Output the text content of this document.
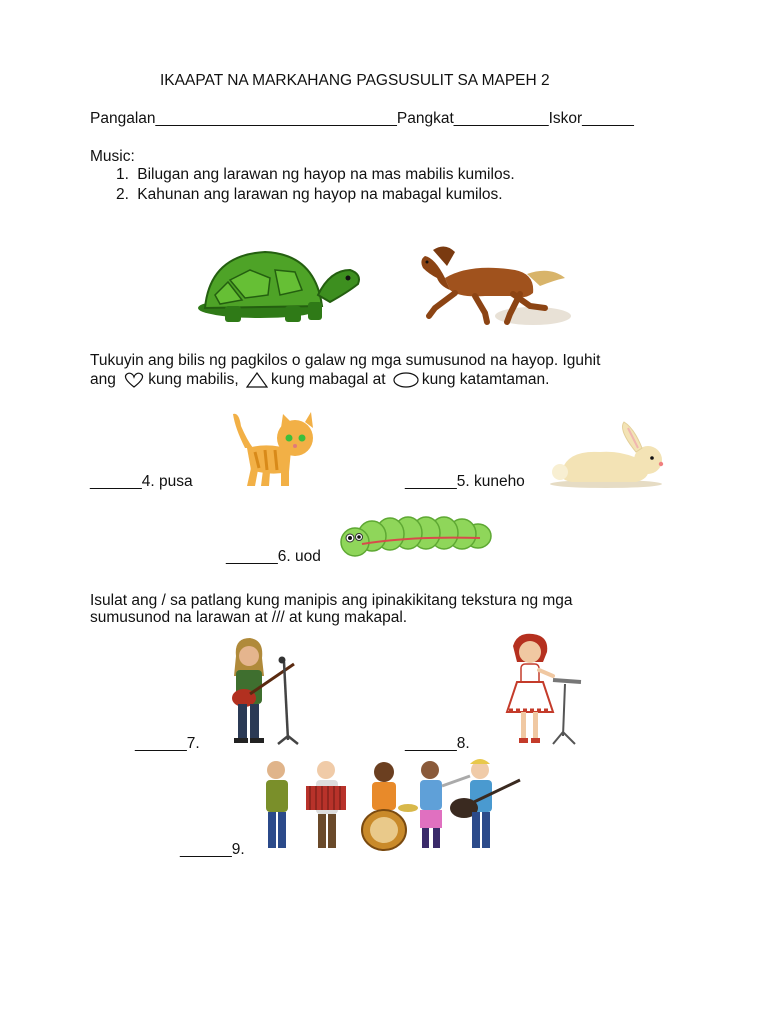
IKAAPAT NA MARKAHANG PAGSUSULIT SA MAPEH 2
Pangalan____________________________Pangkat___________Iskor______
Music:
1. Bilugan ang larawan ng hayop na mas mabilis kumilos.
2. Kahunan ang larawan ng hayop na mabagal kumilos.
Tukuyin ang bilis ng pagkilos o galaw ng mga sumusunod na hayop. Iguhit
ang kung mabilis, kung mabagal at kung katamtaman.
______4. pusa	______5. kuneho
______6. uod
Isulat ang / sa patlang kung manipis ang ipinakikitang tekstura ng mga
sumusunod na larawan at /// at kung makapal.
______7.	______8.
______9.
